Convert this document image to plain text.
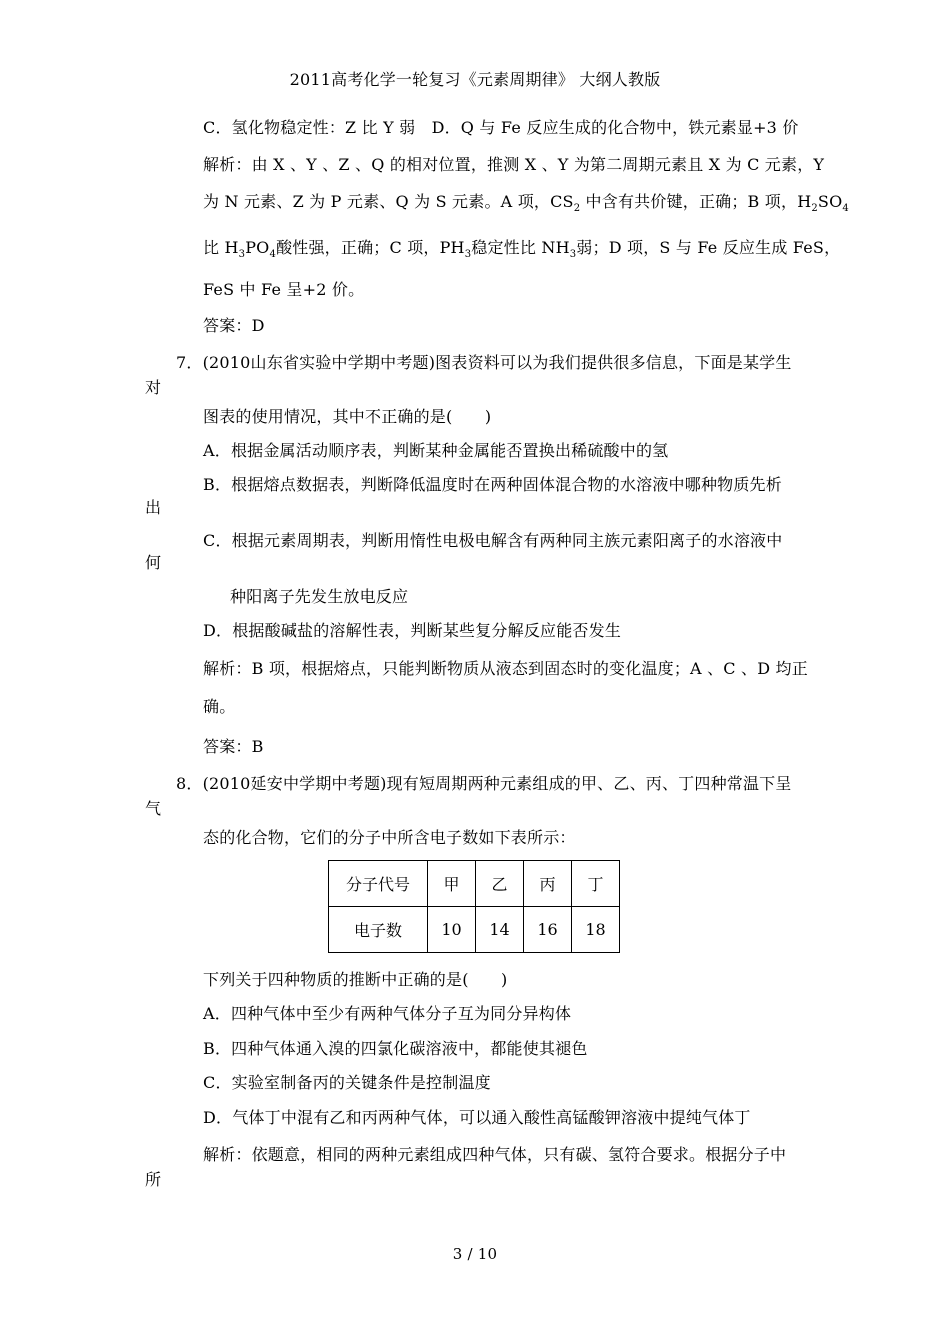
2011高考化学一轮复习《元素周期律》 大纲人教版
C．氢化物稳定性：Z 比 Y 弱　D．Q 与 Fe 反应生成的化合物中，铁元素显+3 价
解析：由 X 、Y 、Z 、Q 的相对位置，推测 X 、Y 为第二周期元素且 X 为 C 元素，Y
为 N 元素、Z 为 P 元素、Q 为 S 元素。A 项，$CS_2$ 中含有共价键，正确；B 项，$H_2SO_4$
比 $H_3PO_4$酸性强，正确；C 项，$PH_3$稳定性比 $NH_3$弱；D 项，S 与 Fe 反应生成 FeS，
FeS 中 Fe 呈+2 价。
答案：D
7．(2010山东省实验中学期中考题)图表资料可以为我们提供很多信息，下面是某学生
对
图表的使用情况，其中不正确的是(　　)
A．根据金属活动顺序表，判断某种金属能否置换出稀硫酸中的氢
B．根据熔点数据表，判断降低温度时在两种固体混合物的水溶液中哪种物质先析
出
C．根据元素周期表，判断用惰性电极电解含有两种同主族元素阳离子的水溶液中
何
种阳离子先发生放电反应
D．根据酸碱盐的溶解性表，判断某些复分解反应能否发生
解析：B 项，根据熔点，只能判断物质从液态到固态时的变化温度；A 、C 、D 均正
确。
答案：B
8．(2010延安中学期中考题)现有短周期两种元素组成的甲、乙、丙、丁四种常温下呈
气
态的化合物，它们的分子中所含电子数如下表所示：
分子代号	甲	乙	丙	丁
电子数	10	14	16	18
下列关于四种物质的推断中正确的是(　　)
A．四种气体中至少有两种气体分子互为同分异构体
B．四种气体通入溴的四氯化碳溶液中，都能使其褪色
C．实验室制备丙的关键条件是控制温度
D．气体丁中混有乙和丙两种气体，可以通入酸性高锰酸钾溶液中提纯气体丁
解析：依题意，相同的两种元素组成四种气体，只有碳、氢符合要求。根据分子中
所
3 / 10
